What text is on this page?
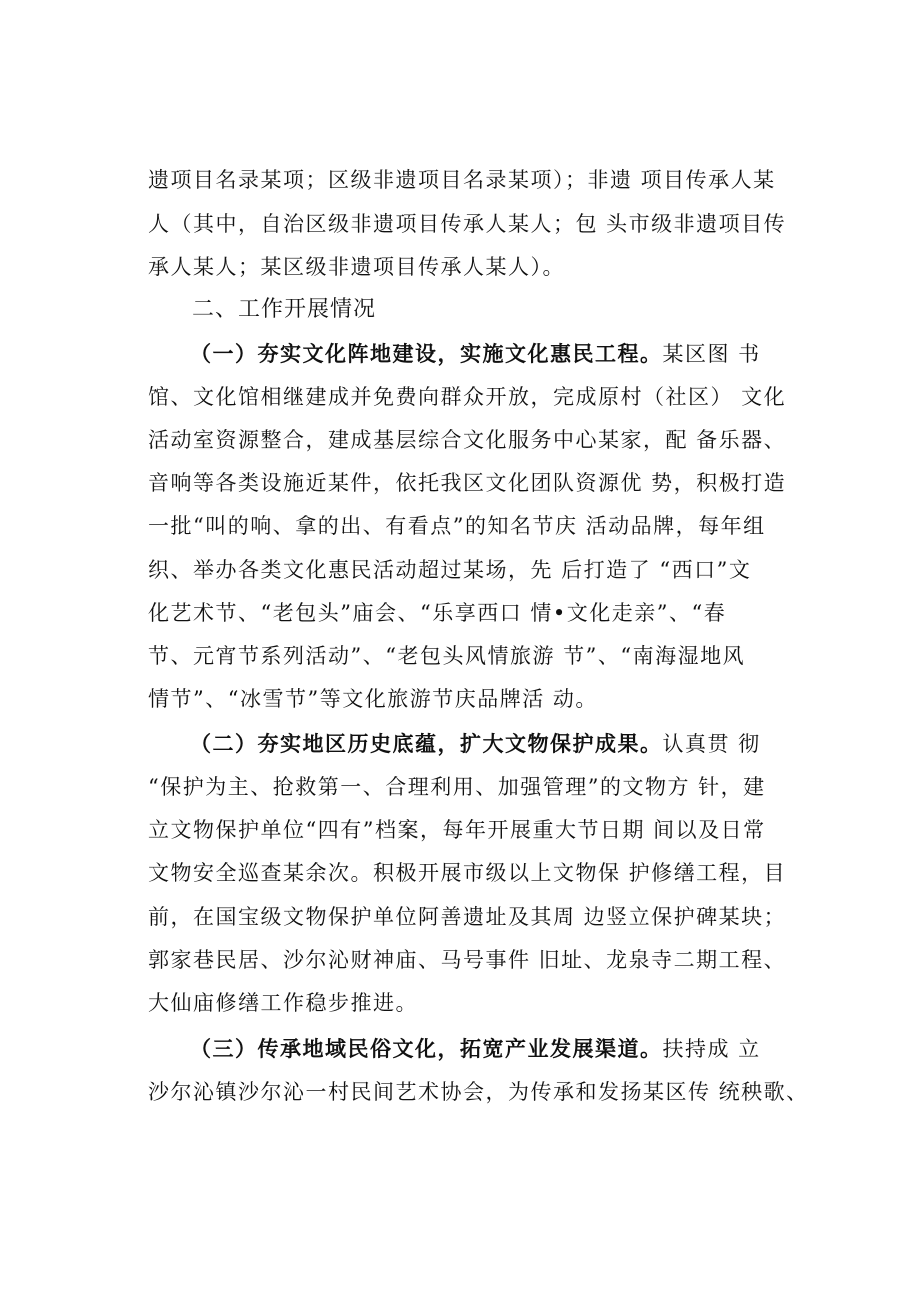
遗项目名录某项；区级非遗项目名录某项）；非遗 项目传承人某
人（其中，自治区级非遗项目传承人某人；包 头市级非遗项目传
承人某人；某区级非遗项目传承人某人）。
二、工作开展情况
（一）夯实文化阵地建设，实施文化惠民工程。某区图 书
馆、文化馆相继建成并免费向群众开放，完成原村（社区） 文化
活动室资源整合，建成基层综合文化服务中心某家，配 备乐器、
音响等各类设施近某件，依托我区文化团队资源优 势，积极打造
一批“叫的响、拿的出、有看点”的知名节庆 活动品牌，每年组
织、举办各类文化惠民活动超过某场，先 后打造了 “西口”文
化艺术节、“老包头”庙会、“乐享西口 情•文化走亲”、“春
节、元宵节系列活动”、“老包头风情旅游 节”、“南海湿地风
情节”、“冰雪节”等文化旅游节庆品牌活 动。
（二）夯实地区历史底蕴，扩大文物保护成果。认真贯 彻
“保护为主、抢救第一、合理利用、加强管理”的文物方 针，建
立文物保护单位“四有”档案，每年开展重大节日期 间以及日常
文物安全巡查某余次。积极开展市级以上文物保 护修缮工程，目
前，在国宝级文物保护单位阿善遗址及其周 边竖立保护碑某块；
郭家巷民居、沙尔沁财神庙、马号事件 旧址、龙泉寺二期工程、
大仙庙修缮工作稳步推进。
（三）传承地域民俗文化，拓宽产业发展渠道。扶持成 立
沙尔沁镇沙尔沁一村民间艺术协会，为传承和发扬某区传 统秧歌、
